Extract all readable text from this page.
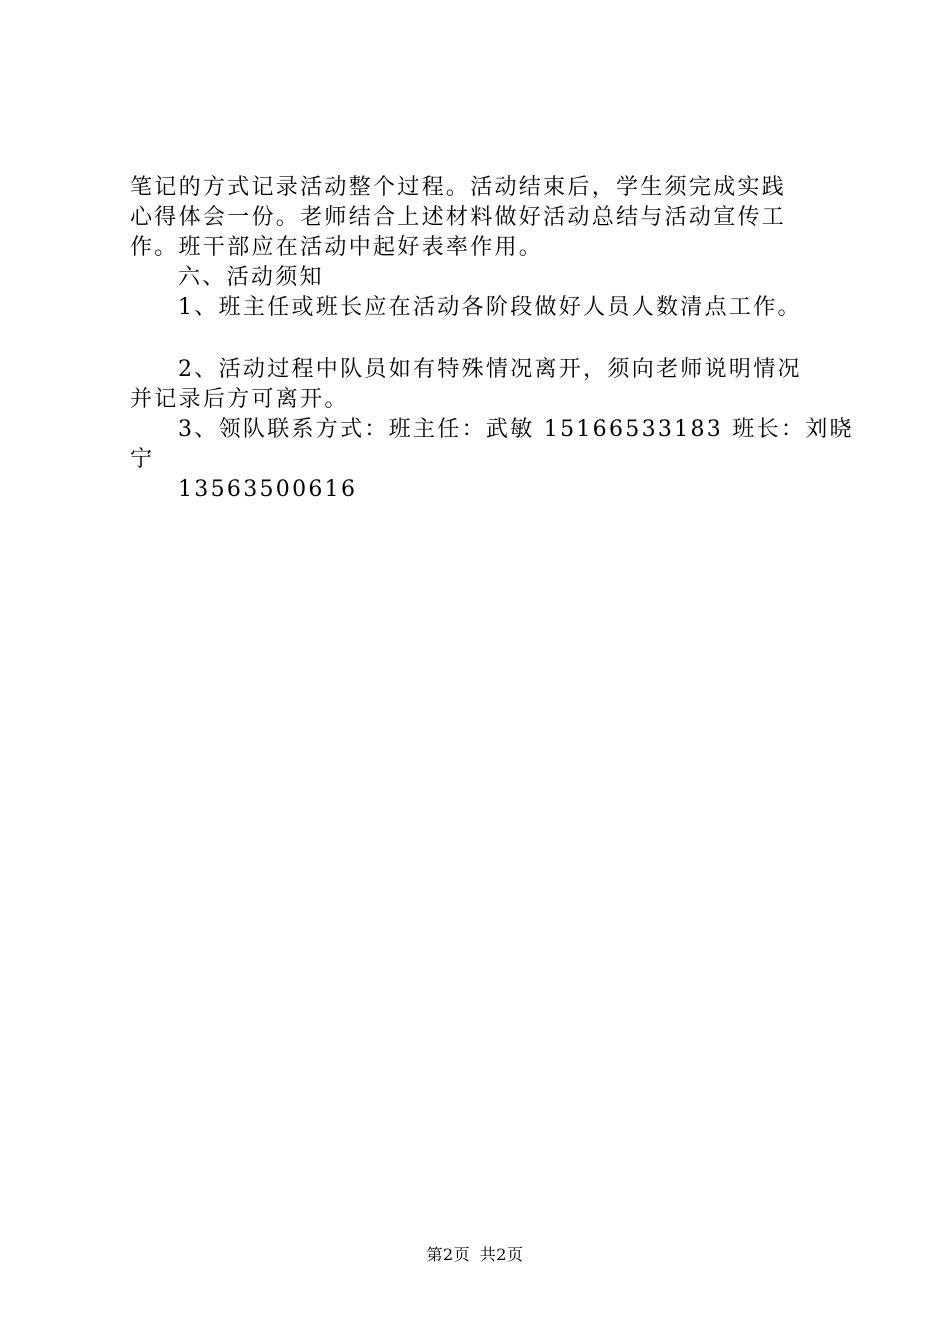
笔记的方式记录活动整个过程。活动结束后，学生须完成实践
心得体会一份。老师结合上述材料做好活动总结与活动宣传工
作。班干部应在活动中起好表率作用。
六、活动须知
1、班主任或班长应在活动各阶段做好人员人数清点工作。
2、活动过程中队员如有特殊情况离开，须向老师说明情况
并记录后方可离开。
3、领队联系方式：班主任：武敏 15166533183 班长：刘晓
宁
13563500616
第2页 共2页
